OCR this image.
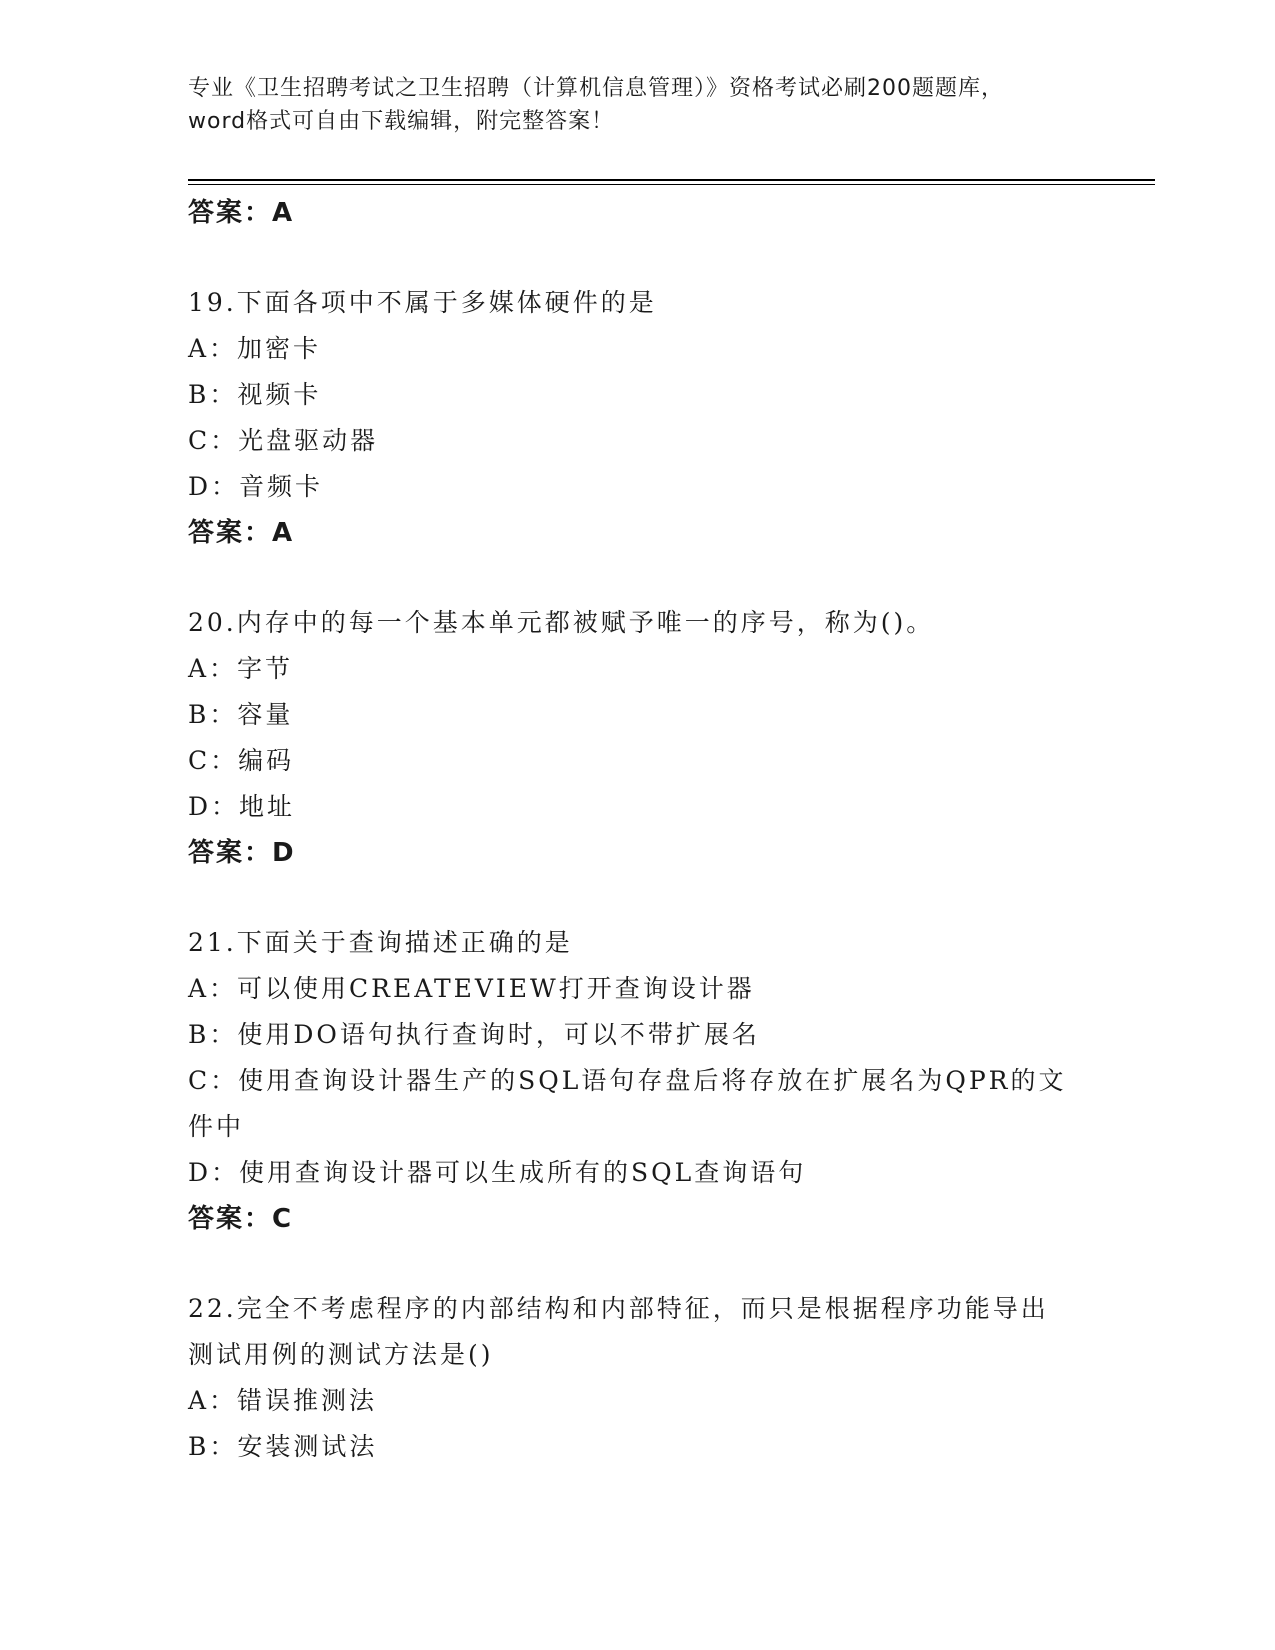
专业《卫生招聘考试之卫生招聘（计算机信息管理）》资格考试必刷200题题库，
word格式可自由下载编辑，附完整答案！
答案：A
19.下面各项中不属于多媒体硬件的是
A：加密卡
B：视频卡
C：光盘驱动器
D：音频卡
答案：A
20.内存中的每一个基本单元都被赋予唯一的序号，称为()。
A：字节
B：容量
C：编码
D：地址
答案：D
21.下面关于查询描述正确的是
A：可以使用CREATEVIEW打开查询设计器
B：使用DO语句执行查询时，可以不带扩展名
C：使用查询设计器生产的SQL语句存盘后将存放在扩展名为QPR的文
件中
D：使用查询设计器可以生成所有的SQL查询语句
答案：C
22.完全不考虑程序的内部结构和内部特征，而只是根据程序功能导出
测试用例的测试方法是()
A：错误推测法
B：安装测试法
